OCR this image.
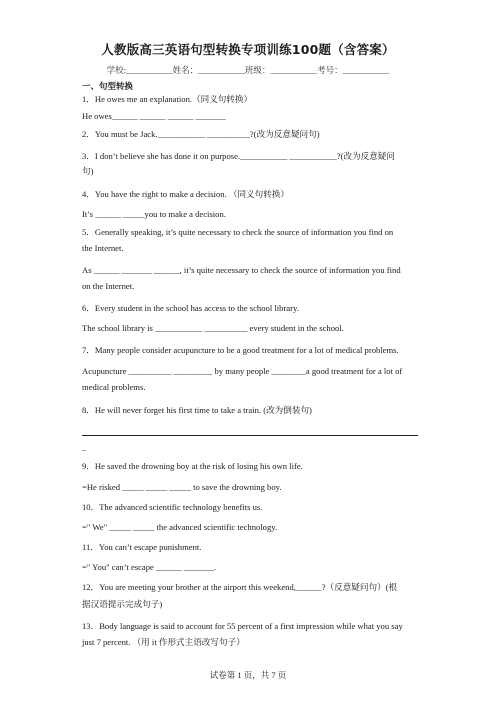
人教版高三英语句型转换专项训练100题（含答案）
学校:___________姓名：___________班级：___________考号：___________
一、句型转换
1．He owes me an explanation.（同义句转换）
He owes______ ______ ______ _______
2．You must be Jack.___________ __________?(改为反意疑问句)
3．I don’t believe she has done it on purpose.___________ ___________?(改为反意疑问
句)
4．You have the right to make a decision. （同义句转换）
It’s ______ _____you to make a decision.
5．Generally speaking, it’s quite necessary to check the source of information you find on
the Internet.
As ______ _______ ______, it’s quite necessary to check the source of information you find
on the Internet.
6．Every student in the school has access to the school library.
The school library is ___________ __________ every student in the school.
7．Many people consider acupuncture to be a good treatment for a lot of medical problems.
Acupuncture __________ _________ by many people ________a good treatment for a lot of
medical problems.
8．He will never forget his first time to take a train. (改为倒装句)
_
9．He saved the drowning boy at the risk of losing his own life.
=He risked _____ _____ _____ to save the drowning boy.
10．The advanced scientific technology benefits us.
=" We" _____ _____ the advanced scientific technology.
11．You can’t escape punishment.
=" You" can’t escape ______ _______.
12．You are meeting your brother at the airport this weekend,______?（反意疑问句）(根
据汉语提示完成句子)
13．Body language is said to account for 55 percent of a first impression while what you say
just 7 percent. （用 it 作形式主语改写句子）
试卷第 1 页，共 7 页
